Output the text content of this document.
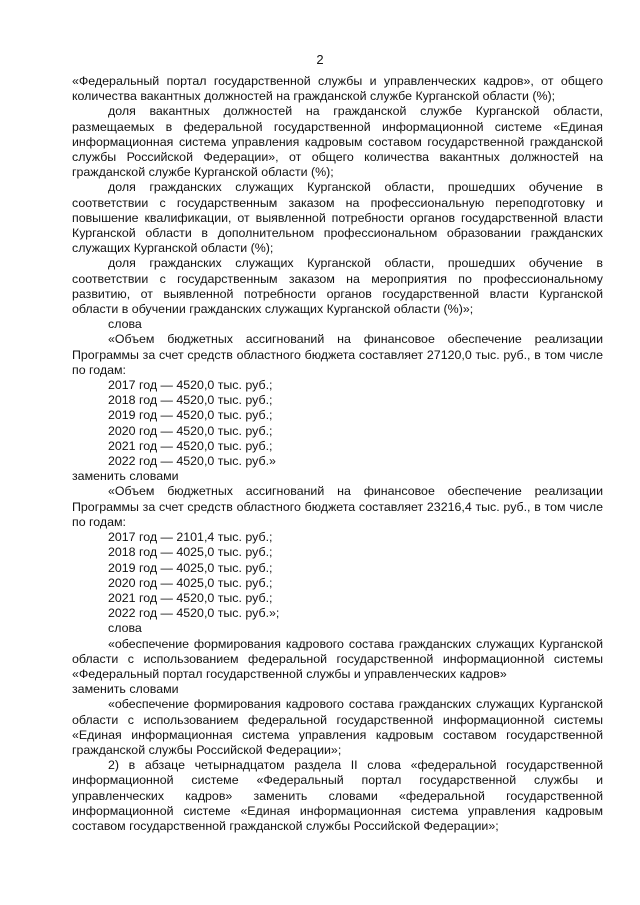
2

«Федеральный портал государственной службы и управленческих кадров», от общего количества вакантных должностей на гражданской службе Курганской области (%);

доля вакантных должностей на гражданской службе Курганской области, размещаемых в федеральной государственной информационной системе «Единая информационная система управления кадровым составом государственной гражданской службы Российской Федерации», от общего количества вакантных должностей на гражданской службе Курганской области (%);

доля гражданских служащих Курганской области, прошедших обучение в соответствии с государственным заказом на профессиональную переподготовку и повышение квалификации, от выявленной потребности органов государственной власти Курганской области в дополнительном профессиональном образовании гражданских служащих Курганской области (%);

доля гражданских служащих Курганской области, прошедших обучение в соответствии с государственным заказом на мероприятия по профессиональному развитию, от выявленной потребности органов государственной власти Курганской области в обучении гражданских служащих Курганской области (%)»;

слова

«Объем бюджетных ассигнований на финансовое обеспечение реализации Программы за счет средств областного бюджета составляет 27120,0 тыс. руб., в том числе по годам:

2017 год — 4520,0 тыс. руб.;
2018 год — 4520,0 тыс. руб.;
2019 год — 4520,0 тыс. руб.;
2020 год — 4520,0 тыс. руб.;
2021 год — 4520,0 тыс. руб.;
2022 год — 4520,0 тыс. руб.»

заменить словами

«Объем бюджетных ассигнований на финансовое обеспечение реализации Программы за счет средств областного бюджета составляет 23216,4 тыс. руб., в том числе по годам:

2017 год — 2101,4 тыс. руб.;
2018 год — 4025,0 тыс. руб.;
2019 год — 4025,0 тыс. руб.;
2020 год — 4025,0 тыс. руб.;
2021 год — 4520,0 тыс. руб.;
2022 год — 4520,0 тыс. руб.»;

слова

«обеспечение формирования кадрового состава гражданских служащих Курганской области с использованием федеральной государственной информационной системы «Федеральный портал государственной службы и управленческих кадров»

заменить словами

«обеспечение формирования кадрового состава гражданских служащих Курганской области с использованием федеральной государственной информационной системы «Единая информационная система управления кадровым составом государственной гражданской службы Российской Федерации»;

2) в абзаце четырнадцатом раздела II слова «федеральной государственной информационной системе «Федеральный портал государственной службы и управленческих кадров» заменить словами «федеральной государственной информационной системе «Единая информационная система управления кадровым составом государственной гражданской службы Российской Федерации»;
